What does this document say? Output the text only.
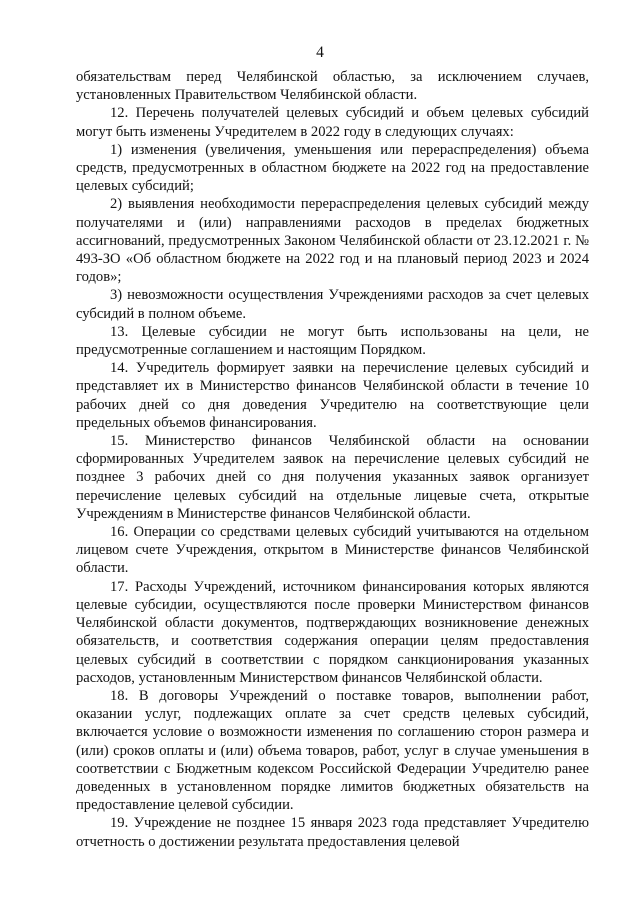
4

обязательствам перед Челябинской областью, за исключением случаев, установленных Правительством Челябинской области.

12. Перечень получателей целевых субсидий и объем целевых субсидий могут быть изменены Учредителем в 2022 году в следующих случаях:

1) изменения (увеличения, уменьшения или перераспределения) объема средств, предусмотренных в областном бюджете на 2022 год на предоставление целевых субсидий;

2) выявления необходимости перераспределения целевых субсидий между получателями и (или) направлениями расходов в пределах бюджетных ассигнований, предусмотренных Законом Челябинской области от 23.12.2021 г. № 493-ЗО «Об областном бюджете на 2022 год и на плановый период 2023 и 2024 годов»;

3) невозможности осуществления Учреждениями расходов за счет целевых субсидий в полном объеме.

13. Целевые субсидии не могут быть использованы на цели, не предусмотренные соглашением и настоящим Порядком.

14. Учредитель формирует заявки на перечисление целевых субсидий и представляет их в Министерство финансов Челябинской области в течение 10 рабочих дней со дня доведения Учредителю на соответствующие цели предельных объемов финансирования.

15. Министерство финансов Челябинской области на основании сформированных Учредителем заявок на перечисление целевых субсидий не позднее 3 рабочих дней со дня получения указанных заявок организует перечисление целевых субсидий на отдельные лицевые счета, открытые Учреждениям в Министерстве финансов Челябинской области.

16. Операции со средствами целевых субсидий учитываются на отдельном лицевом счете Учреждения, открытом в Министерстве финансов Челябинской области.

17. Расходы Учреждений, источником финансирования которых являются целевые субсидии, осуществляются после проверки Министерством финансов Челябинской области документов, подтверждающих возникновение денежных обязательств, и соответствия содержания операции целям предоставления целевых субсидий в соответствии с порядком санкционирования указанных расходов, установленным Министерством финансов Челябинской области.

18. В договоры Учреждений о поставке товаров, выполнении работ, оказании услуг, подлежащих оплате за счет средств целевых субсидий, включается условие о возможности изменения по соглашению сторон размера и (или) сроков оплаты и (или) объема товаров, работ, услуг в случае уменьшения в соответствии с Бюджетным кодексом Российской Федерации Учредителю ранее доведенных в установленном порядке лимитов бюджетных обязательств на предоставление целевой субсидии.

19. Учреждение не позднее 15 января 2023 года представляет Учредителю отчетность о достижении результата предоставления целевой
